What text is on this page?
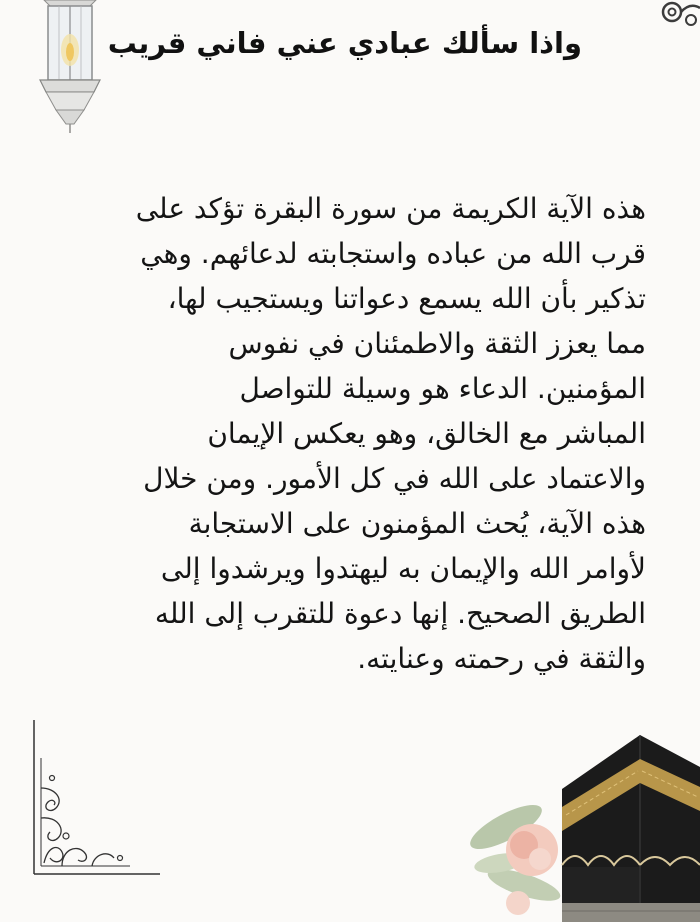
واذا سألك عبادي عني فاني قريب
هذه الآية الكريمة من سورة البقرة تؤكد على
قرب الله من عباده واستجابته لدعائهم. وهي
تذكير بأن الله يسمع دعواتنا ويستجيب لها،
مما يعزز الثقة والاطمئنان في نفوس
المؤمنين. الدعاء هو وسيلة للتواصل
المباشر مع الخالق، وهو يعكس الإيمان
والاعتماد على الله في كل الأمور. ومن خلال
هذه الآية، يُحث المؤمنون على الاستجابة
لأوامر الله والإيمان به ليهتدوا ويرشدوا إلى
الطريق الصحيح. إنها دعوة للتقرب إلى الله
والثقة في رحمته وعنايته.
